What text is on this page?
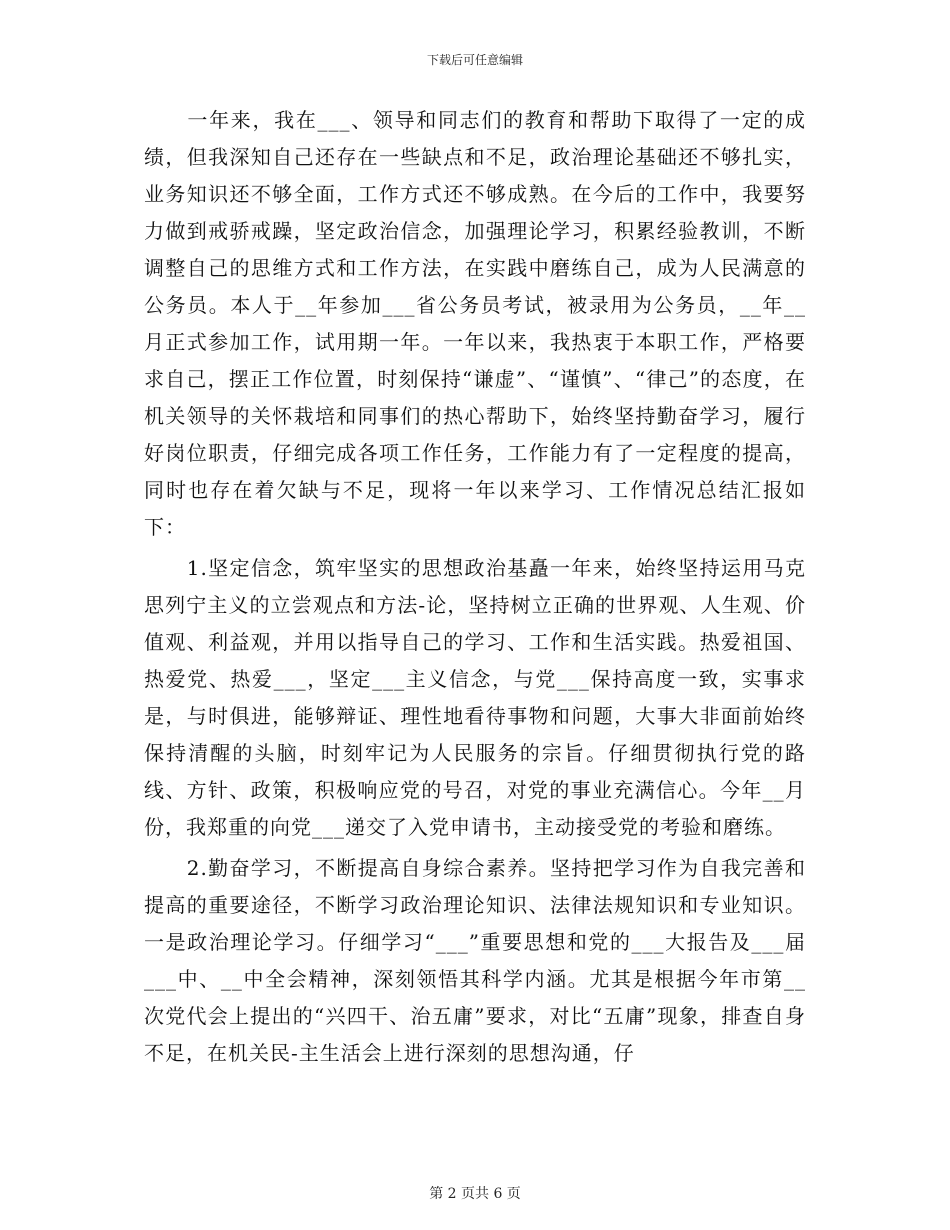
下载后可任意编辑

　　一年来，我在___、领导和同志们的教育和帮助下取得了一定的成绩，但我深知自己还存在一些缺点和不足，政治理论基础还不够扎实，业务知识还不够全面，工作方式还不够成熟。在今后的工作中，我要努力做到戒骄戒躁，坚定政治信念，加强理论学习，积累经验教训，不断调整自己的思维方式和工作方法，在实践中磨练自己，成为人民满意的公务员。本人于__年参加___省公务员考试，被录用为公务员，__年__月正式参加工作，试用期一年。一年以来，我热衷于本职工作，严格要求自己，摆正工作位置，时刻保持“谦虚”、“谨慎”、“律己”的态度，在机关领导的关怀栽培和同事们的热心帮助下，始终坚持勤奋学习，履行好岗位职责，仔细完成各项工作任务，工作能力有了一定程度的提高，同时也存在着欠缺与不足，现将一年以来学习、工作情况总结汇报如下：

　　1.坚定信念，筑牢坚实的思想政治基矗一年来，始终坚持运用马克思列宁主义的立尝观点和方法-论，坚持树立正确的世界观、人生观、价值观、利益观，并用以指导自己的学习、工作和生活实践。热爱祖国、热爱党、热爱___，坚定___主义信念，与党___保持高度一致，实事求是，与时俱进，能够辩证、理性地看待事物和问题，大事大非面前始终保持清醒的头脑，时刻牢记为人民服务的宗旨。仔细贯彻执行党的路线、方针、政策，积极响应党的号召，对党的事业充满信心。今年__月份，我郑重的向党___递交了入党申请书，主动接受党的考验和磨练。

　　2.勤奋学习，不断提高自身综合素养。坚持把学习作为自我完善和提高的重要途径，不断学习政治理论知识、法律法规知识和专业知识。一是政治理论学习。仔细学习“___”重要思想和党的___大报告及___届___中、__中全会精神，深刻领悟其科学内涵。尤其是根据今年市第__次党代会上提出的“兴四干、治五庸”要求，对比“五庸”现象，排查自身不足，在机关民-主生活会上进行深刻的思想沟通，仔

第 2 页共 6 页
